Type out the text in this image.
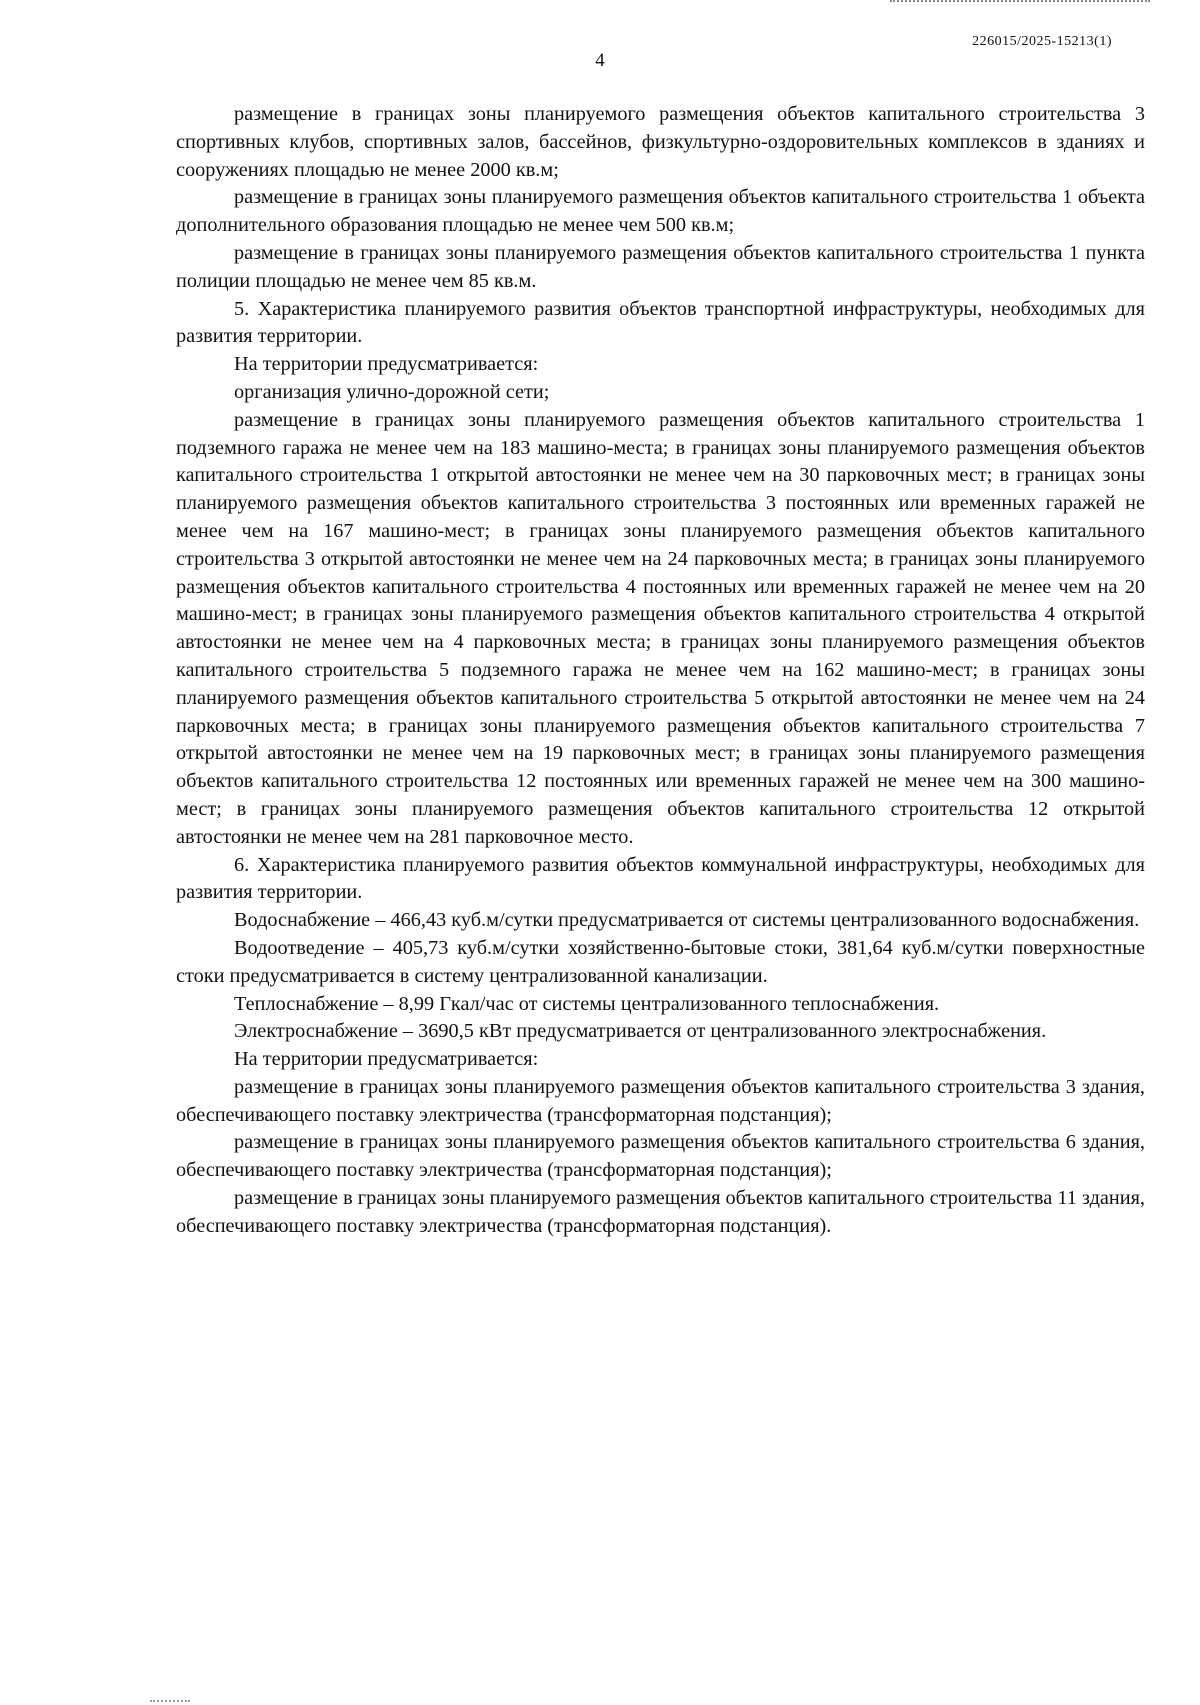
226015/2025-15213(1)
4

размещение в границах зоны планируемого размещения объектов капитального строительства 3 спортивных клубов, спортивных залов, бассейнов, физкультурно-оздоровительных комплексов в зданиях и сооружениях площадью не менее 2000 кв.м;

размещение в границах зоны планируемого размещения объектов капитального строительства 1 объекта дополнительного образования площадью не менее чем 500 кв.м;

размещение в границах зоны планируемого размещения объектов капитального строительства 1 пункта полиции площадью не менее чем 85 кв.м.

5. Характеристика планируемого развития объектов транспортной инфраструктуры, необходимых для развития территории.

На территории предусматривается:

организация улично-дорожной сети;

размещение в границах зоны планируемого размещения объектов капитального строительства 1 подземного гаража не менее чем на 183 машино-места; в границах зоны планируемого размещения объектов капитального строительства 1 открытой автостоянки не менее чем на 30 парковочных мест; в границах зоны планируемого размещения объектов капитального строительства 3 постоянных или временных гаражей не менее чем на 167 машино-мест; в границах зоны планируемого размещения объектов капитального строительства 3 открытой автостоянки не менее чем на 24 парковочных места; в границах зоны планируемого размещения объектов капитального строительства 4 постоянных или временных гаражей не менее чем на 20 машино-мест; в границах зоны планируемого размещения объектов капитального строительства 4 открытой автостоянки не менее чем на 4 парковочных места; в границах зоны планируемого размещения объектов капитального строительства 5 подземного гаража не менее чем на 162 машино-мест; в границах зоны планируемого размещения объектов капитального строительства 5 открытой автостоянки не менее чем на 24 парковочных места; в границах зоны планируемого размещения объектов капитального строительства 7 открытой автостоянки не менее чем на 19 парковочных мест; в границах зоны планируемого размещения объектов капитального строительства 12 постоянных или временных гаражей не менее чем на 300 машино-мест; в границах зоны планируемого размещения объектов капитального строительства 12 открытой автостоянки не менее чем на 281 парковочное место.

6. Характеристика планируемого развития объектов коммунальной инфраструктуры, необходимых для развития территории.

Водоснабжение – 466,43 куб.м/сутки предусматривается от системы централизованного водоснабжения.

Водоотведение – 405,73 куб.м/сутки хозяйственно-бытовые стоки, 381,64 куб.м/сутки поверхностные стоки предусматривается в систему централизованной канализации.

Теплоснабжение – 8,99 Гкал/час от системы централизованного теплоснабжения.

Электроснабжение – 3690,5 кВт предусматривается от централизованного электроснабжения.

На территории предусматривается:

размещение в границах зоны планируемого размещения объектов капитального строительства 3 здания, обеспечивающего поставку электричества (трансформаторная подстанция);

размещение в границах зоны планируемого размещения объектов капитального строительства 6 здания, обеспечивающего поставку электричества (трансформаторная подстанция);

размещение в границах зоны планируемого размещения объектов капитального строительства 11 здания, обеспечивающего поставку электричества (трансформаторная подстанция).
